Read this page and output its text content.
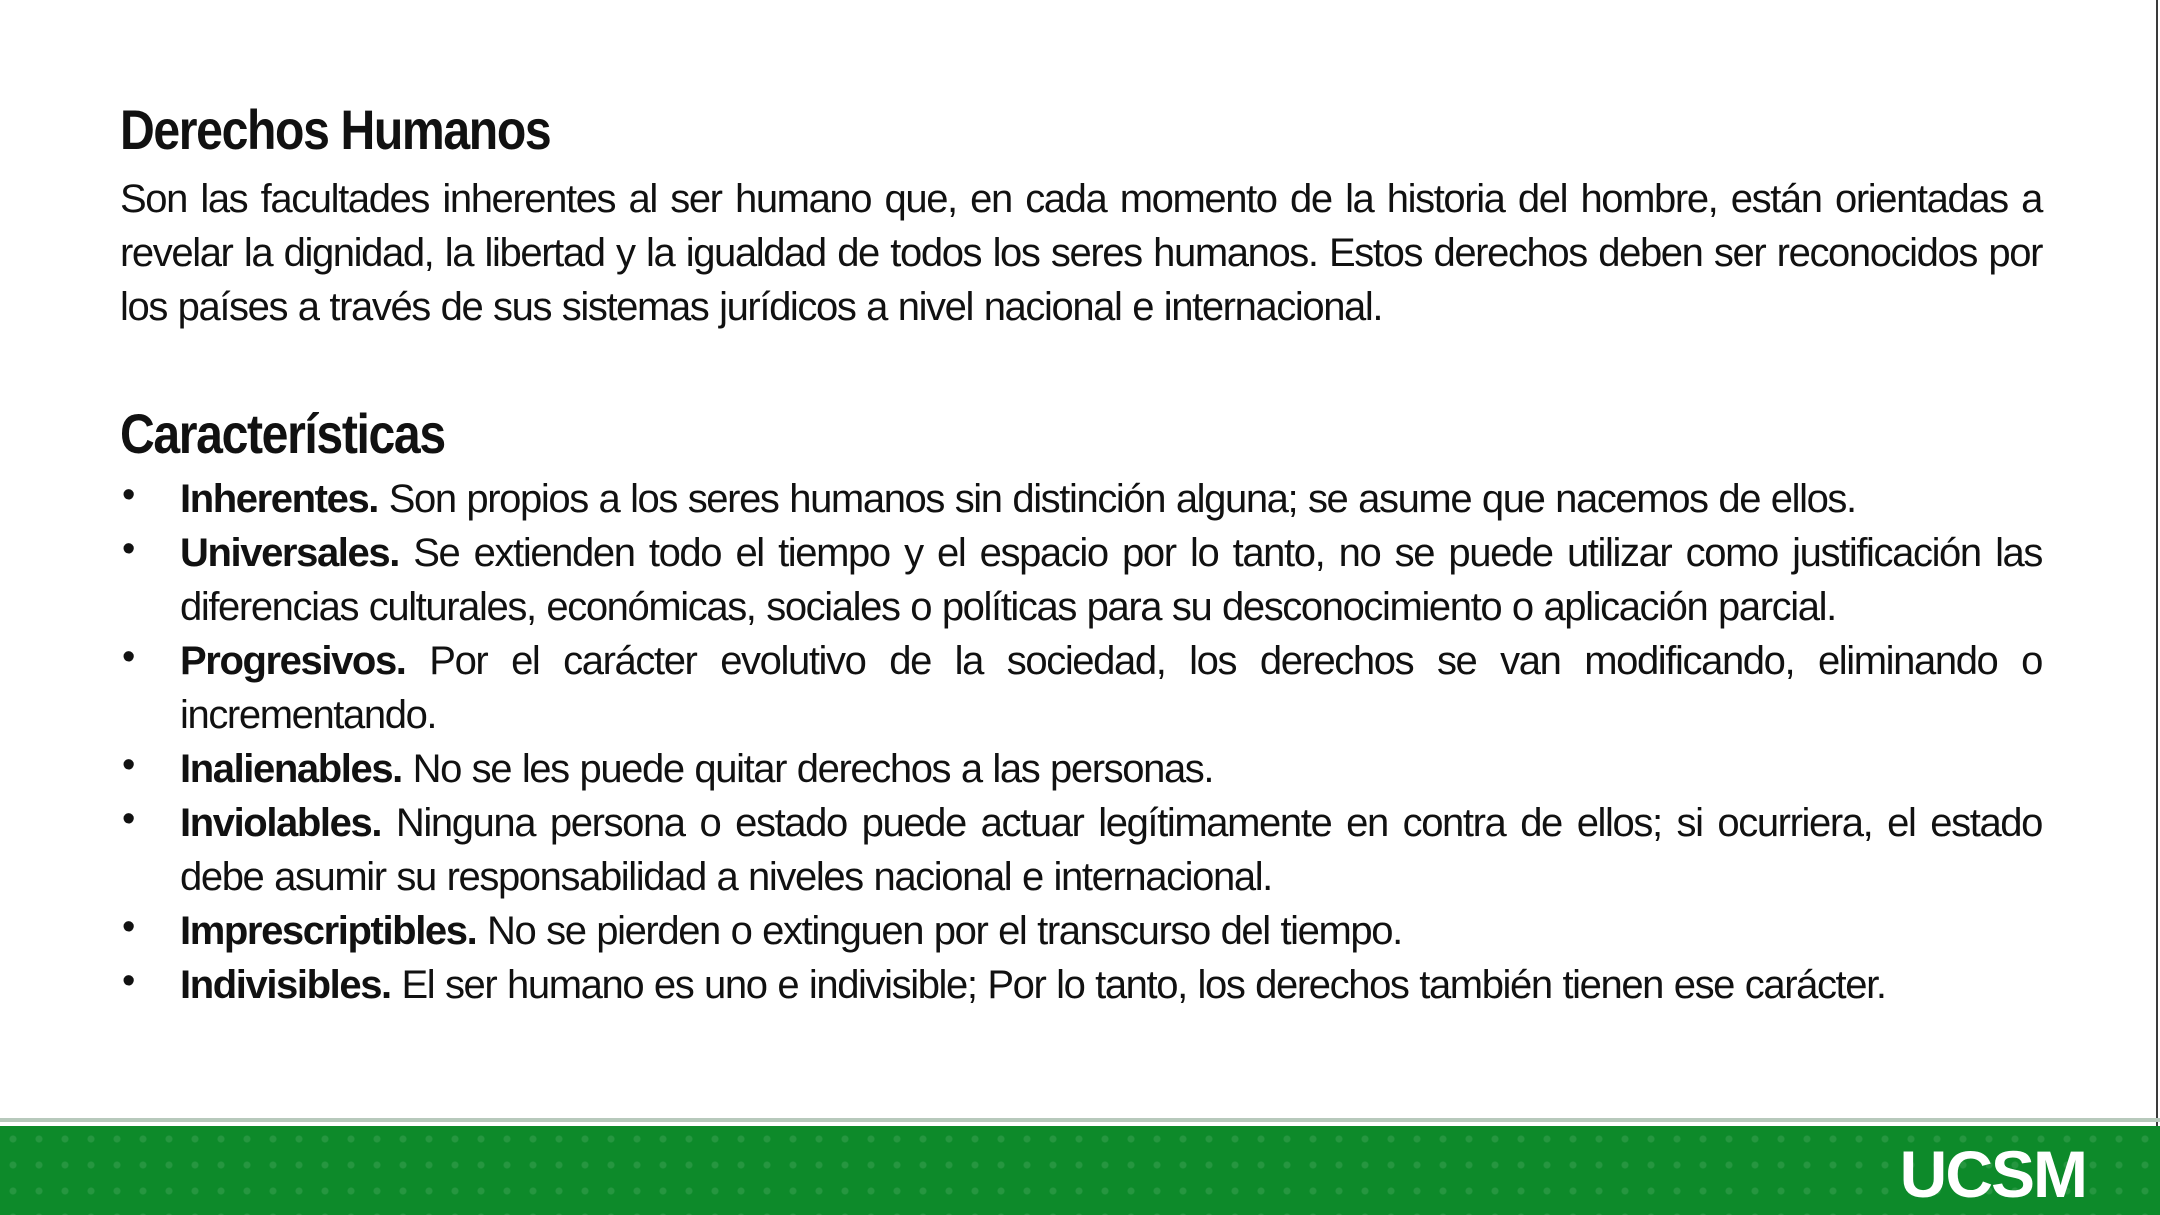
Derechos Humanos

Son las facultades inherentes al ser humano que, en cada momento de la historia del hombre, están orientadas a revelar la dignidad, la libertad y la igualdad de todos los seres humanos. Estos derechos deben ser reconocidos por los países a través de sus sistemas jurídicos a nivel nacional e internacional.

Características
• Inherentes. Son propios a los seres humanos sin distinción alguna; se asume que nacemos de ellos.
• Universales. Se extienden todo el tiempo y el espacio por lo tanto, no se puede utilizar como justificación las diferencias culturales, económicas, sociales o políticas para su desconocimiento o aplicación parcial.
• Progresivos. Por el carácter evolutivo de la sociedad, los derechos se van modificando, eliminando o incrementando.
• Inalienables. No se les puede quitar derechos a las personas.
• Inviolables. Ninguna persona o estado puede actuar legítimamente en contra de ellos; si ocurriera, el estado debe asumir su responsabilidad a niveles nacional e internacional.
• Imprescriptibles. No se pierden o extinguen por el transcurso del tiempo.
• Indivisibles. El ser humano es uno e indivisible; Por lo tanto, los derechos también tienen ese carácter.
UCSM
